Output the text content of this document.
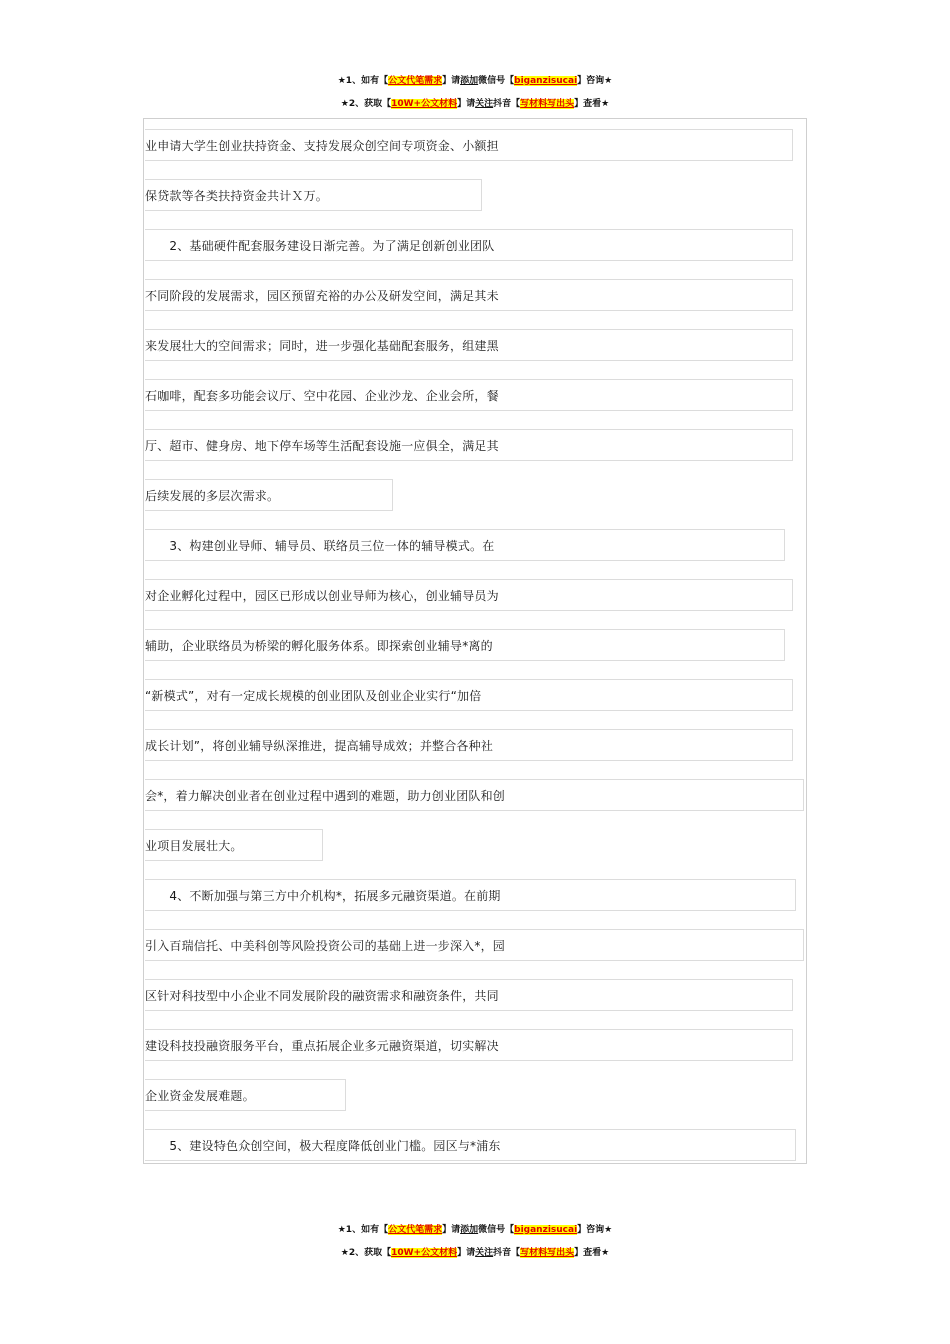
★1、如有【公文代笔需求】请添加微信号【biganzisucai】咨询★
★2、获取【10W+公文材料】请关注抖音【写材料写出头】查看★
业申请大学生创业扶持资金、支持发展众创空间专项资金、小额担
保贷款等各类扶持资金共计Ｘ万。
　　2、基础硬件配套服务建设日渐完善。为了满足创新创业团队
不同阶段的发展需求，园区预留充裕的办公及研发空间，满足其未
来发展壮大的空间需求；同时，进一步强化基础配套服务，组建黑
石咖啡，配套多功能会议厅、空中花园、企业沙龙、企业会所，餐
厅、超市、健身房、地下停车场等生活配套设施一应俱全，满足其
后续发展的多层次需求。
　　3、构建创业导师、辅导员、联络员三位一体的辅导模式。在
对企业孵化过程中，园区已形成以创业导师为核心，创业辅导员为
辅助，企业联络员为桥梁的孵化服务体系。即探索创业辅导*离的
“新模式”，对有一定成长规模的创业团队及创业企业实行“加倍
成长计划”，将创业辅导纵深推进，提高辅导成效；并整合各种社
会*，着力解决创业者在创业过程中遇到的难题，助力创业团队和创
业项目发展壮大。
　　4、不断加强与第三方中介机构*，拓展多元融资渠道。在前期
引入百瑞信托、中美科创等风险投资公司的基础上进一步深入*，园
区针对科技型中小企业不同发展阶段的融资需求和融资条件，共同
建设科技投融资服务平台，重点拓展企业多元融资渠道，切实解决
企业资金发展难题。
　　5、建设特色众创空间，极大程度降低创业门槛。园区与*浦东
★1、如有【公文代笔需求】请添加微信号【biganzisucai】咨询★
★2、获取【10W+公文材料】请关注抖音【写材料写出头】查看★
